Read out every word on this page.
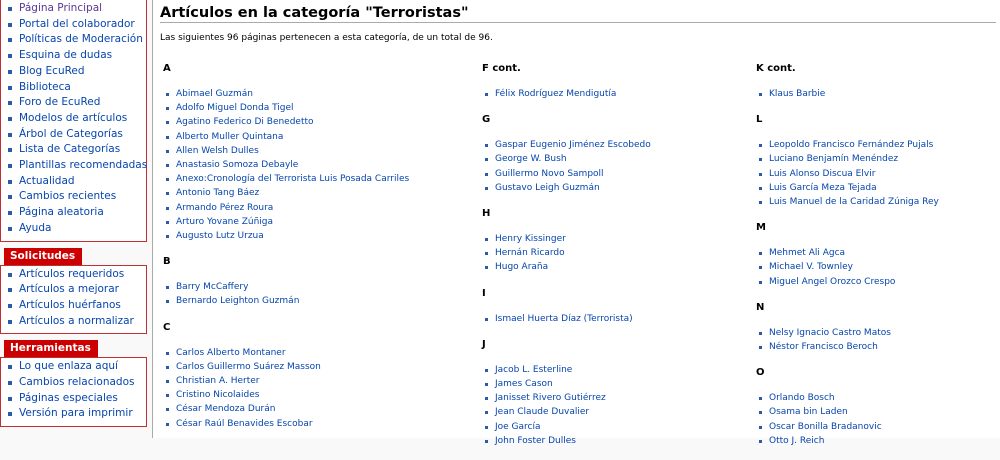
Página Principal
Portal del colaborador
Políticas de Moderación
Esquina de dudas
Blog EcuRed
Biblioteca
Foro de EcuRed
Modelos de artículos
Árbol de Categorías
Lista de Categorías
Plantillas recomendadas
Actualidad
Cambios recientes
Página aleatoria
Ayuda
Solicitudes
Artículos requeridos
Artículos a mejorar
Artículos huérfanos
Artículos a normalizar
Herramientas
Lo que enlaza aquí
Cambios relacionados
Páginas especiales
Versión para imprimir
Artículos en la categoría "Terroristas"
Las siguientes 96 páginas pertenecen a esta categoría, de un total de 96.
A
Abimael Guzmán
Adolfo Miguel Donda Tigel
Agatino Federico Di Benedetto
Alberto Muller Quintana
Allen Welsh Dulles
Anastasio Somoza Debayle
Anexo:Cronología del Terrorista Luis Posada Carriles
Antonio Tang Báez
Armando Pérez Roura
Arturo Yovane Zúñiga
Augusto Lutz Urzua
B
Barry McCaffery
Bernardo Leighton Guzmán
C
Carlos Alberto Montaner
Carlos Guillermo Suárez Masson
Christian A. Herter
Cristino Nicolaides
César Mendoza Durán
César Raúl Benavides Escobar
F cont.
Félix Rodríguez Mendigutía
G
Gaspar Eugenio Jiménez Escobedo
George W. Bush
Guillermo Novo Sampoll
Gustavo Leigh Guzmán
H
Henry Kissinger
Hernán Ricardo
Hugo Araña
I
Ismael Huerta Díaz (Terrorista)
J
Jacob L. Esterline
James Cason
Janisset Rivero Gutiérrez
Jean Claude Duvalier
Joe García
John Foster Dulles
K cont.
Klaus Barbie
L
Leopoldo Francisco Fernández Pujals
Luciano Benjamín Menéndez
Luis Alonso Discua Elvir
Luis García Meza Tejada
Luis Manuel de la Caridad Zúniga Rey
M
Mehmet Ali Agca
Michael V. Townley
Miguel Angel Orozco Crespo
N
Nelsy Ignacio Castro Matos
Néstor Francisco Beroch
O
Orlando Bosch
Osama bin Laden
Oscar Bonilla Bradanovic
Otto J. Reich
